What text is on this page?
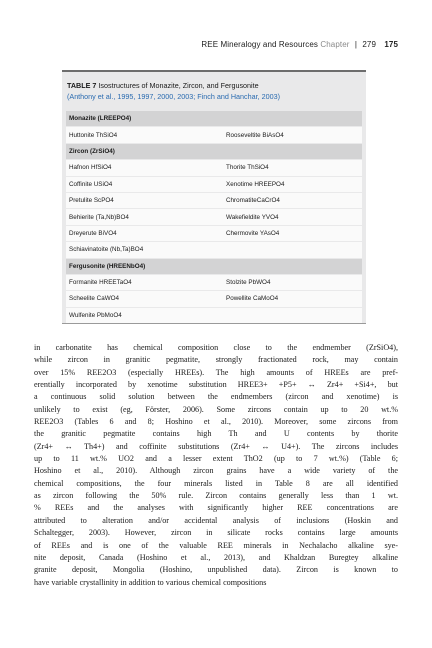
REE Mineralogy and Resources Chapter | 279 175
TABLE 7 Isostructures of Monazite, Zircon, and Fergusonite
(Anthony et al., 1995, 1997, 2000, 2003; Finch and Hanchar, 2003)
Monazite (LREEPO4)
Huttonite ThSiO4	Rooseveltite BiAsO4
Zircon (ZrSiO4)
Hafnon HfSiO4	Thorite ThSiO4
Coffinite USiO4	Xenotime HREEPO4
Pretulite ScPO4	ChromatiteCaCrO4
Behierite (Ta,Nb)BO4	Wakefieldite YVO4
Dreyerute BiVO4	Chermovite YAsO4
Schiavinatoite (Nb,Ta)BO4
Fergusonite (HREENbO4)
Formanite HREETaO4	Stolzite PbWO4
Scheelite CaWO4	Powellite CaMoO4
Wulfenite PbMoO4
in carbonatite has chemical composition close to the endmember (ZrSiO4),
while zircon in granitic pegmatite, strongly fractionated rock, may contain
over 15% REE2O3 (especially HREEs). The high amounts of HREEs are pref-
erentially incorporated by xenotime substitution HREE3+ +P5+ ↔ Zr4+ +Si4+, but
a continuous solid solution between the endmembers (zircon and xenotime) is
unlikely to exist (eg, Förster, 2006). Some zircons contain up to 20 wt.%
REE2O3 (Tables 6 and 8; Hoshino et al., 2010). Moreover, some zircons from
the granitic pegmatite contains high Th and U contents by thorite
(Zr4+ ↔ Th4+) and coffinite substitutions (Zr4+ ↔ U4+). The zircons includes
up to 11 wt.% UO2 and a lesser extent ThO2 (up to 7 wt.%) (Table 6;
Hoshino et al., 2010). Although zircon grains have a wide variety of the
chemical compositions, the four minerals listed in Table 8 are all identified
as zircon following the 50% rule. Zircon contains generally less than 1 wt.
% REEs and the analyses with significantly higher REE concentrations are
attributed to alteration and/or accidental analysis of inclusions (Hoskin and
Schaltegger, 2003). However, zircon in silicate rocks contains large amounts
of REEs and is one of the valuable REE minerals in Nechalacho alkaline sye-
nite deposit, Canada (Hoshino et al., 2013), and Khaldzan Buregtey alkaline
granite deposit, Mongolia (Hoshino, unpublished data). Zircon is known to
have variable crystallinity in addition to various chemical compositions
